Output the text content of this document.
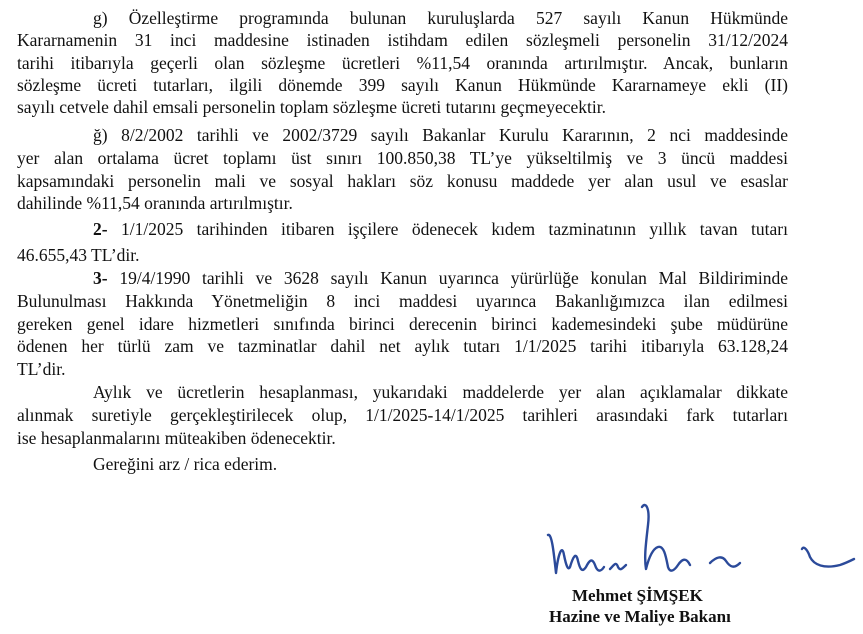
g) Özelleştirme programında bulunan kuruluşlarda 527 sayılı Kanun Hükmünde
Kararnamenin 31 inci maddesine istinaden istihdam edilen sözleşmeli personelin 31/12/2024
tarihi itibarıyla geçerli olan sözleşme ücretleri %11,54 oranında artırılmıştır. Ancak, bunların
sözleşme ücreti tutarları, ilgili dönemde 399 sayılı Kanun Hükmünde Kararnameye ekli (II)
sayılı cetvele dahil emsali personelin toplam sözleşme ücreti tutarını geçmeyecektir.
ğ) 8/2/2002 tarihli ve 2002/3729 sayılı Bakanlar Kurulu Kararının, 2 nci maddesinde
yer alan ortalama ücret toplamı üst sınırı 100.850,38 TL’ye yükseltilmiş ve 3 üncü maddesi
kapsamındaki personelin mali ve sosyal hakları söz konusu maddede yer alan usul ve esaslar
dahilinde %11,54 oranında artırılmıştır.
2- 1/1/2025 tarihinden itibaren işçilere ödenecek kıdem tazminatının yıllık tavan tutarı
46.655,43 TL’dir.
3- 19/4/1990 tarihli ve 3628 sayılı Kanun uyarınca yürürlüğe konulan Mal Bildiriminde
Bulunulması Hakkında Yönetmeliğin 8 inci maddesi uyarınca Bakanlığımızca ilan edilmesi
gereken genel idare hizmetleri sınıfında birinci derecenin birinci kademesindeki şube müdürüne
ödenen her türlü zam ve tazminatlar dahil net aylık tutarı 1/1/2025 tarihi itibarıyla 63.128,24
TL’dir.
Aylık ve ücretlerin hesaplanması, yukarıdaki maddelerde yer alan açıklamalar dikkate
alınmak suretiyle gerçekleştirilecek olup, 1/1/2025-14/1/2025 tarihleri arasındaki fark tutarları
ise hesaplanmalarını müteakiben ödenecektir.
Gereğini arz / rica ederim.
Mehmet ŞİMŞEK
Hazine ve Maliye Bakanı
